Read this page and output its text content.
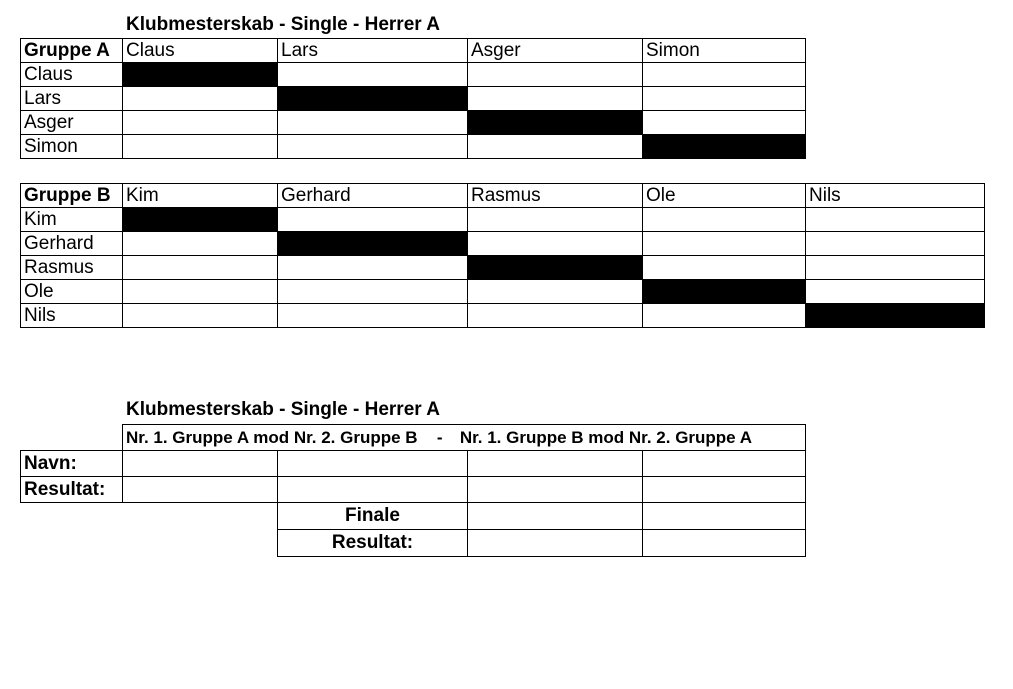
Klubmesterskab - Single - Herrer A
Gruppe A	Claus	Lars	Asger	Simon
Claus				
Lars				
Asger				
Simon				
Gruppe B	Kim	Gerhard	Rasmus	Ole	Nils
Kim					
Gerhard					
Rasmus					
Ole					
Nils					
Klubmesterskab - Single - Herrer A
	Nr. 1. Gruppe A mod Nr. 2. Gruppe B - Nr. 1. Gruppe B mod Nr. 2. Gruppe A			
Navn:				
Resultat:				
		Finale		
		Resultat:		
